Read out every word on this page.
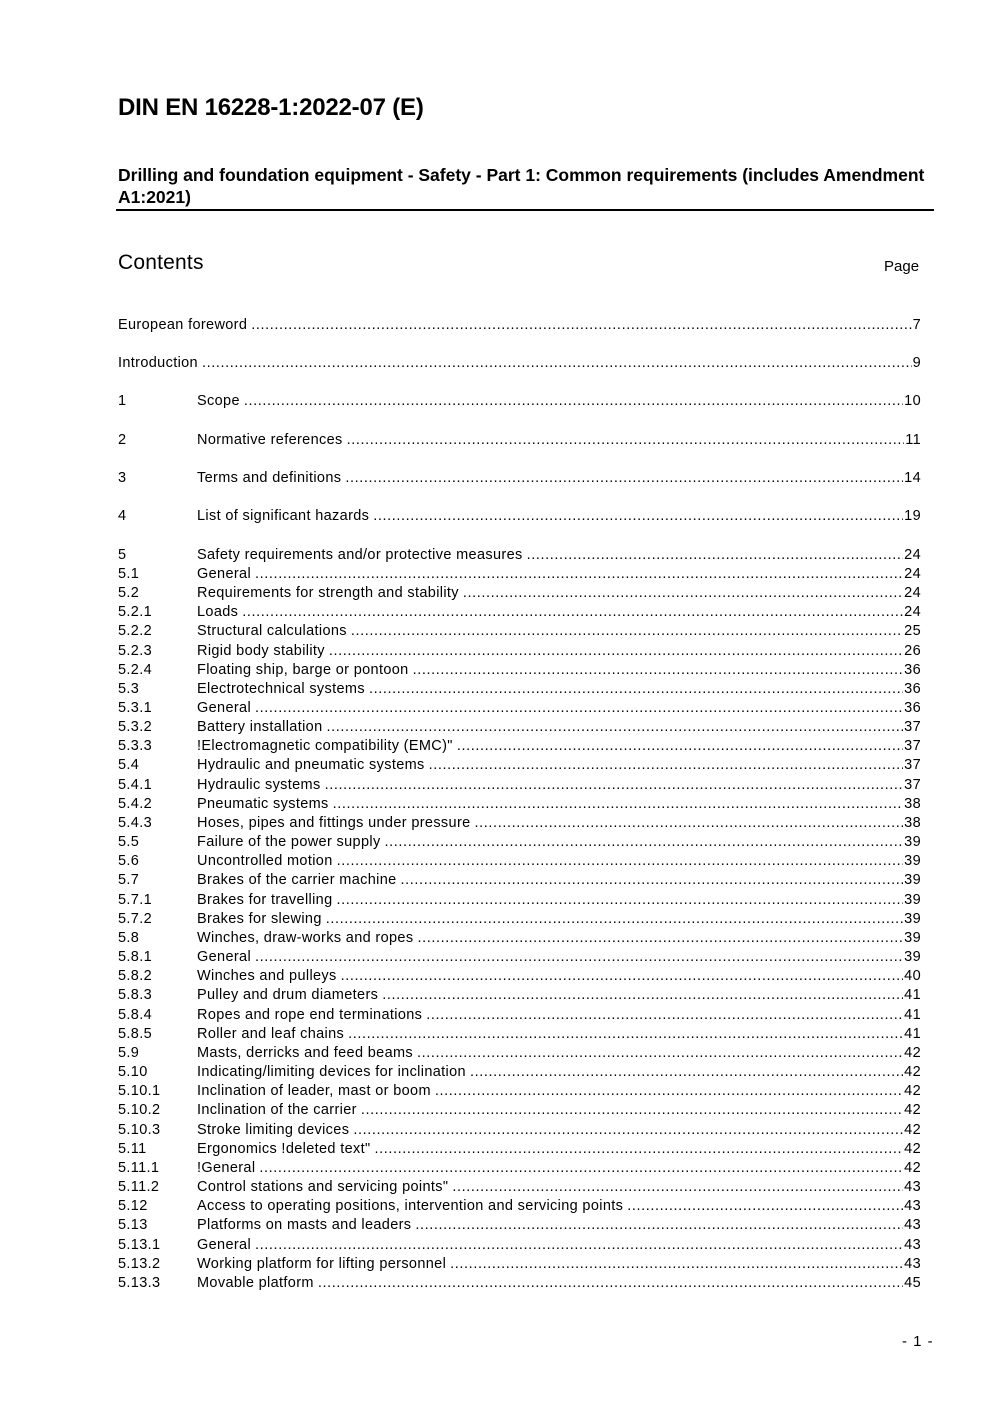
DIN EN 16228-1:2022-07 (E)
Drilling and foundation equipment - Safety - Part 1: Common requirements (includes Amendment A1:2021)
Contents	Page
European foreword .....	7
Introduction .....	9
1	Scope .....	10
2	Normative references .....	11
3	Terms and definitions .....	14
4	List of significant hazards .....	19
5	Safety requirements and/or protective measures .....	24
5.1	General .....	24
5.2	Requirements for strength and stability .....	24
5.2.1	Loads .....	24
5.2.2	Structural calculations .....	25
5.2.3	Rigid body stability .....	26
5.2.4	Floating ship, barge or pontoon .....	36
5.3	Electrotechnical systems .....	36
5.3.1	General .....	36
5.3.2	Battery installation .....	37
5.3.3	!Electromagnetic compatibility (EMC)" .....	37
5.4	Hydraulic and pneumatic systems .....	37
5.4.1	Hydraulic systems .....	37
5.4.2	Pneumatic systems .....	38
5.4.3	Hoses, pipes and fittings under pressure .....	38
5.5	Failure of the power supply .....	39
5.6	Uncontrolled motion .....	39
5.7	Brakes of the carrier machine .....	39
5.7.1	Brakes for travelling .....	39
5.7.2	Brakes for slewing .....	39
5.8	Winches, draw-works and ropes .....	39
5.8.1	General .....	39
5.8.2	Winches and pulleys .....	40
5.8.3	Pulley and drum diameters .....	41
5.8.4	Ropes and rope end terminations .....	41
5.8.5	Roller and leaf chains .....	41
5.9	Masts, derricks and feed beams .....	42
5.10	Indicating/limiting devices for inclination .....	42
5.10.1	Inclination of leader, mast or boom .....	42
5.10.2	Inclination of the carrier .....	42
5.10.3	Stroke limiting devices .....	42
5.11	Ergonomics !deleted text" .....	42
5.11.1	!General .....	42
5.11.2	Control stations and servicing points" .....	43
5.12	Access to operating positions, intervention and servicing points .....	43
5.13	Platforms on masts and leaders .....	43
5.13.1	General .....	43
5.13.2	Working platform for lifting personnel .....	43
5.13.3	Movable platform .....	45
- 1 -
